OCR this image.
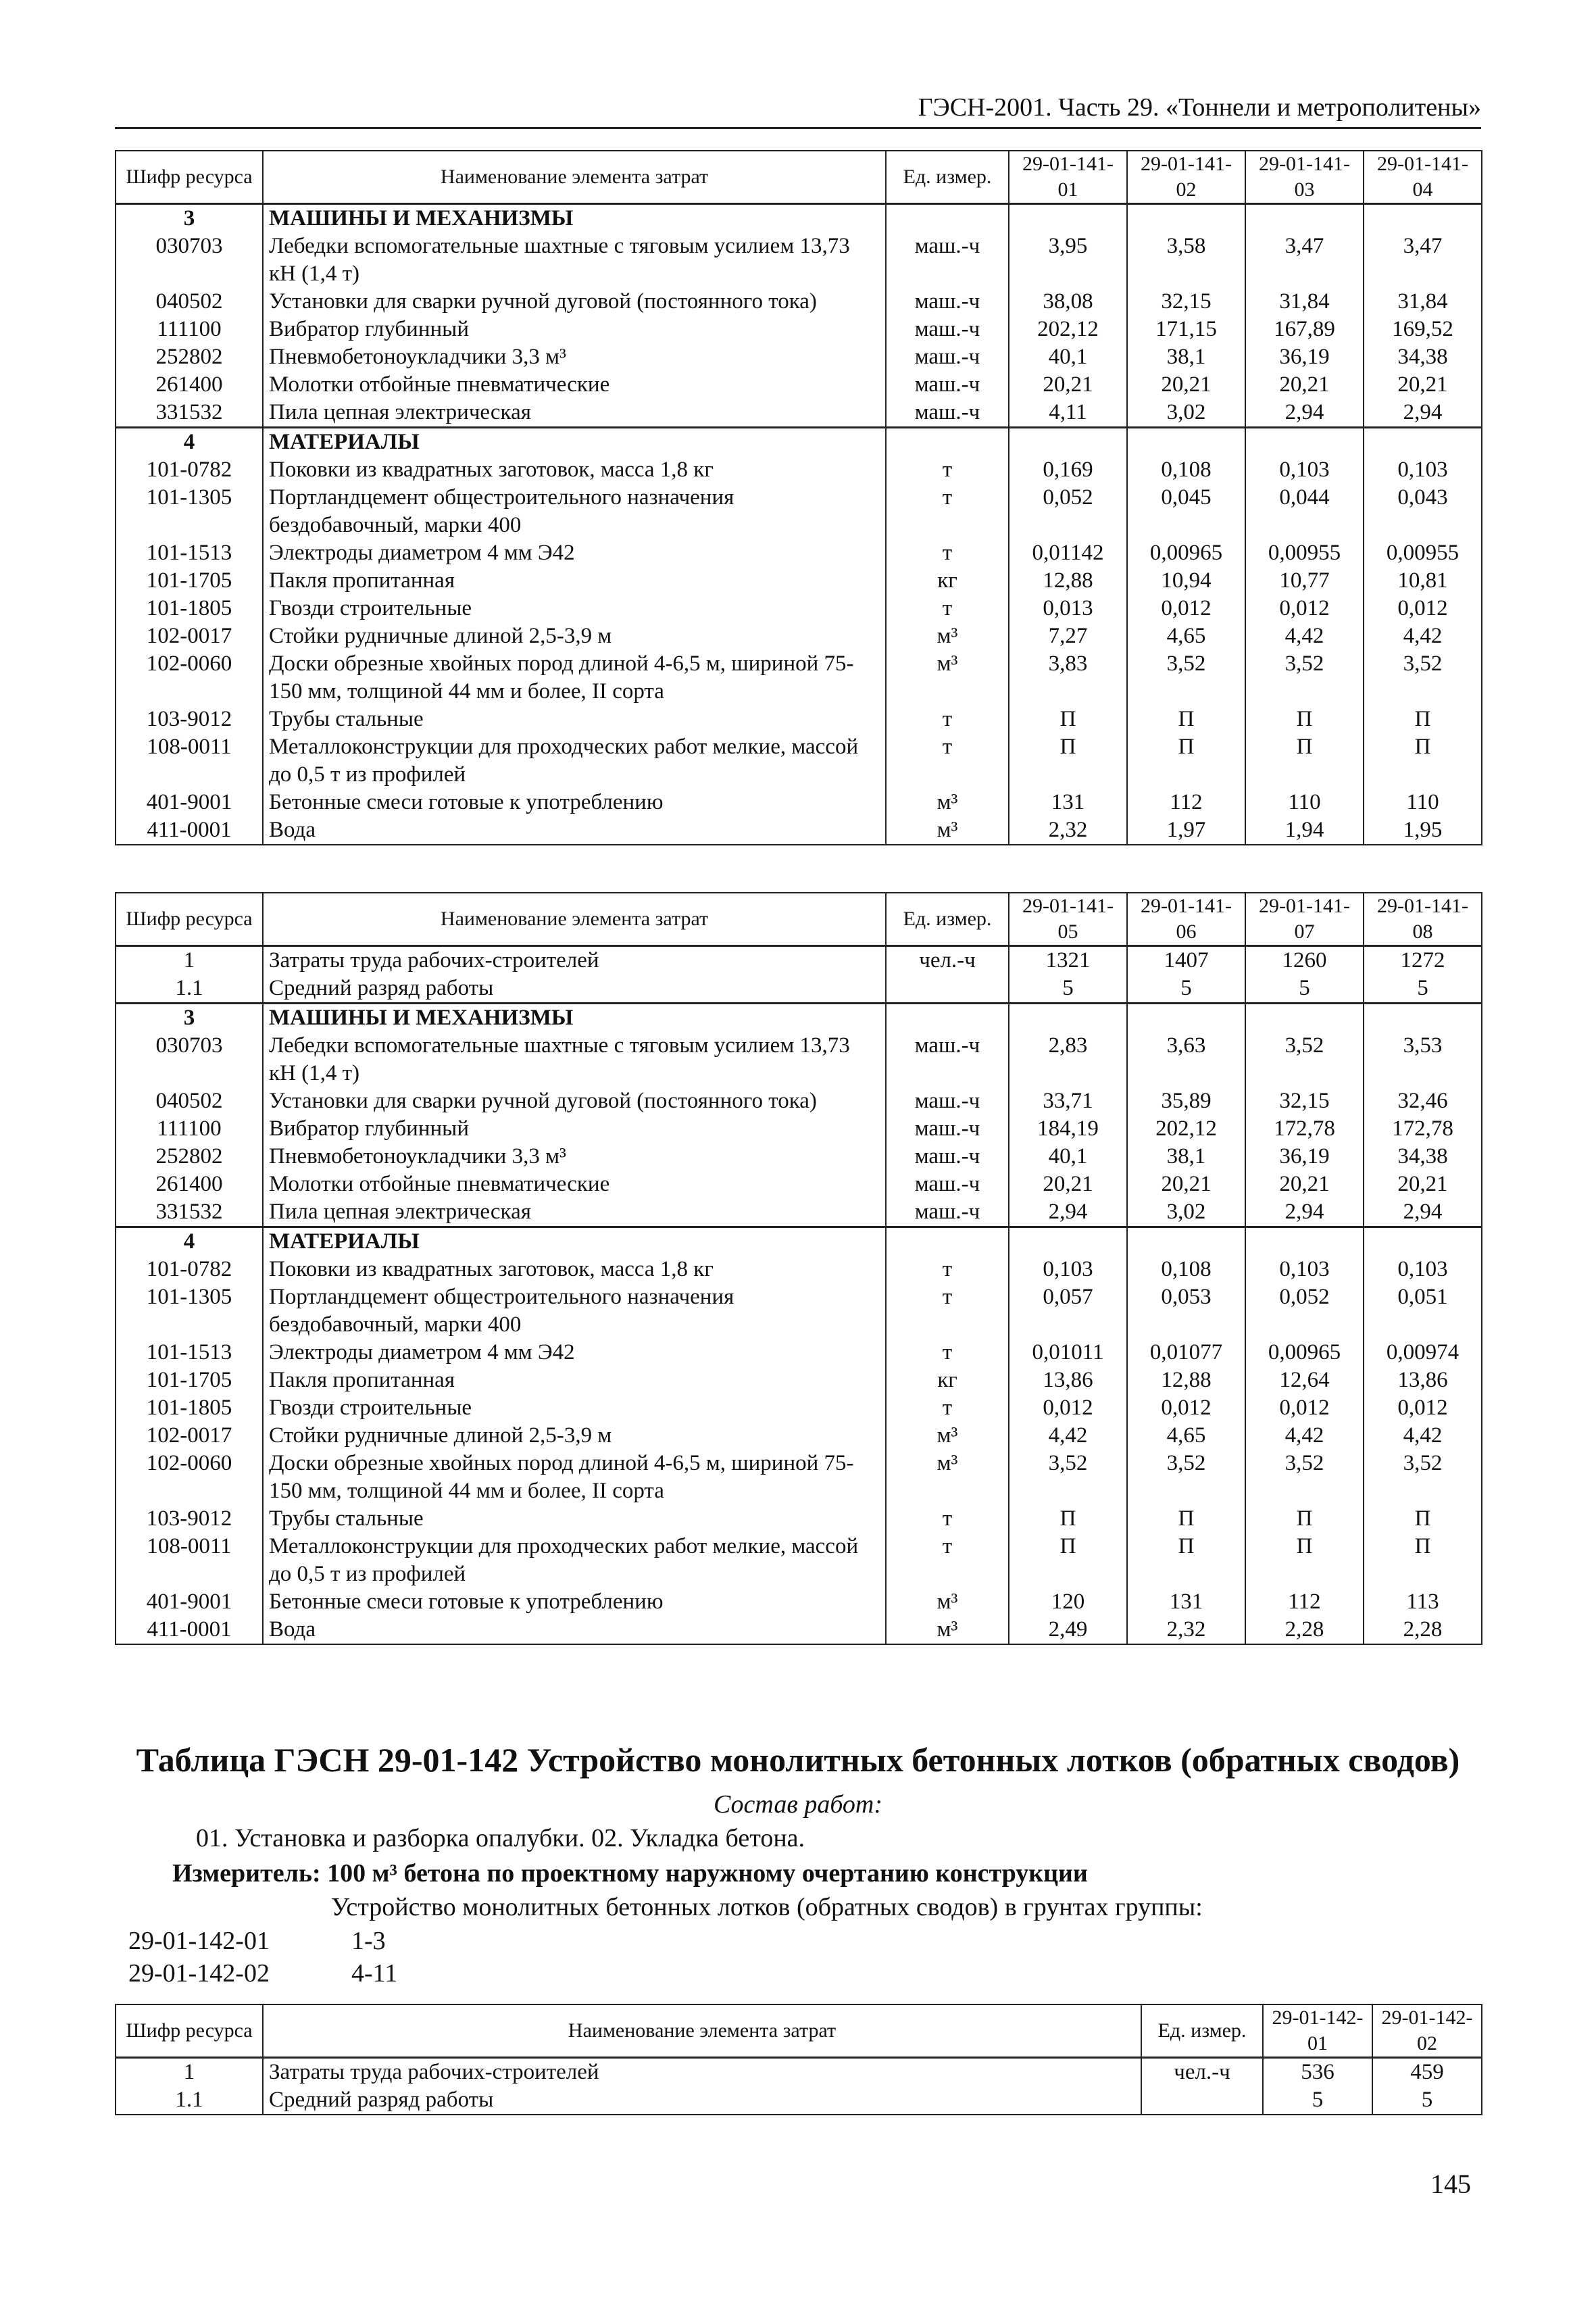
ГЭСН-2001. Часть 29. «Тоннели и метрополитены»
Шифр ресурса	Наименование элемента затрат	Ед. измер.	29-01-141-01	29-01-141-02	29-01-141-03	29-01-141-04
3	МАШИНЫ И МЕХАНИЗМЫ					
030703	Лебедки вспомогательные шахтные с тяговым усилием 13,73 кН (1,4 т)	маш.-ч	3,95	3,58	3,47	3,47
040502	Установки для сварки ручной дуговой (постоянного тока)	маш.-ч	38,08	32,15	31,84	31,84
111100	Вибратор глубинный	маш.-ч	202,12	171,15	167,89	169,52
252802	Пневмобетоноукладчики 3,3 м³	маш.-ч	40,1	38,1	36,19	34,38
261400	Молотки отбойные пневматические	маш.-ч	20,21	20,21	20,21	20,21
331532	Пила цепная электрическая	маш.-ч	4,11	3,02	2,94	2,94
4	МАТЕРИАЛЫ					
101-0782	Поковки из квадратных заготовок, масса 1,8 кг	т	0,169	0,108	0,103	0,103
101-1305	Портландцемент общестроительного назначения бездобавочный, марки 400	т	0,052	0,045	0,044	0,043
101-1513	Электроды диаметром 4 мм Э42	т	0,01142	0,00965	0,00955	0,00955
101-1705	Пакля пропитанная	кг	12,88	10,94	10,77	10,81
101-1805	Гвозди строительные	т	0,013	0,012	0,012	0,012
102-0017	Стойки рудничные длиной 2,5-3,9 м	м³	7,27	4,65	4,42	4,42
102-0060	Доски обрезные хвойных пород длиной 4-6,5 м, шириной 75-150 мм, толщиной 44 мм и более, II сорта	м³	3,83	3,52	3,52	3,52
103-9012	Трубы стальные	т	П	П	П	П
108-0011	Металлоконструкции для проходческих работ мелкие, массой до 0,5 т из профилей	т	П	П	П	П
401-9001	Бетонные смеси готовые к употреблению	м³	131	112	110	110
411-0001	Вода	м³	2,32	1,97	1,94	1,95
Шифр ресурса	Наименование элемента затрат	Ед. измер.	29-01-141-05	29-01-141-06	29-01-141-07	29-01-141-08
1	Затраты труда рабочих-строителей	чел.-ч	1321	1407	1260	1272
1.1	Средний разряд работы		5	5	5	5
3	МАШИНЫ И МЕХАНИЗМЫ					
030703	Лебедки вспомогательные шахтные с тяговым усилием 13,73 кН (1,4 т)	маш.-ч	2,83	3,63	3,52	3,53
040502	Установки для сварки ручной дуговой (постоянного тока)	маш.-ч	33,71	35,89	32,15	32,46
111100	Вибратор глубинный	маш.-ч	184,19	202,12	172,78	172,78
252802	Пневмобетоноукладчики 3,3 м³	маш.-ч	40,1	38,1	36,19	34,38
261400	Молотки отбойные пневматические	маш.-ч	20,21	20,21	20,21	20,21
331532	Пила цепная электрическая	маш.-ч	2,94	3,02	2,94	2,94
4	МАТЕРИАЛЫ					
101-0782	Поковки из квадратных заготовок, масса 1,8 кг	т	0,103	0,108	0,103	0,103
101-1305	Портландцемент общестроительного назначения бездобавочный, марки 400	т	0,057	0,053	0,052	0,051
101-1513	Электроды диаметром 4 мм Э42	т	0,01011	0,01077	0,00965	0,00974
101-1705	Пакля пропитанная	кг	13,86	12,88	12,64	13,86
101-1805	Гвозди строительные	т	0,012	0,012	0,012	0,012
102-0017	Стойки рудничные длиной 2,5-3,9 м	м³	4,42	4,65	4,42	4,42
102-0060	Доски обрезные хвойных пород длиной 4-6,5 м, шириной 75-150 мм, толщиной 44 мм и более, II сорта	м³	3,52	3,52	3,52	3,52
103-9012	Трубы стальные	т	П	П	П	П
108-0011	Металлоконструкции для проходческих работ мелкие, массой до 0,5 т из профилей	т	П	П	П	П
401-9001	Бетонные смеси готовые к употреблению	м³	120	131	112	113
411-0001	Вода	м³	2,49	2,32	2,28	2,28
Таблица ГЭСН 29-01-142 Устройство монолитных бетонных лотков (обратных сводов)
Состав работ:
01. Установка и разборка опалубки. 02. Укладка бетона.
Измеритель: 100 м³ бетона по проектному наружному очертанию конструкции
Устройство монолитных бетонных лотков (обратных сводов) в грунтах группы:
29-01-142-01	1-3
29-01-142-02	4-11
Шифр ресурса	Наименование элемента затрат	Ед. измер.	29-01-142-01	29-01-142-02
1	Затраты труда рабочих-строителей	чел.-ч	536	459
1.1	Средний разряд работы		5	5
145
